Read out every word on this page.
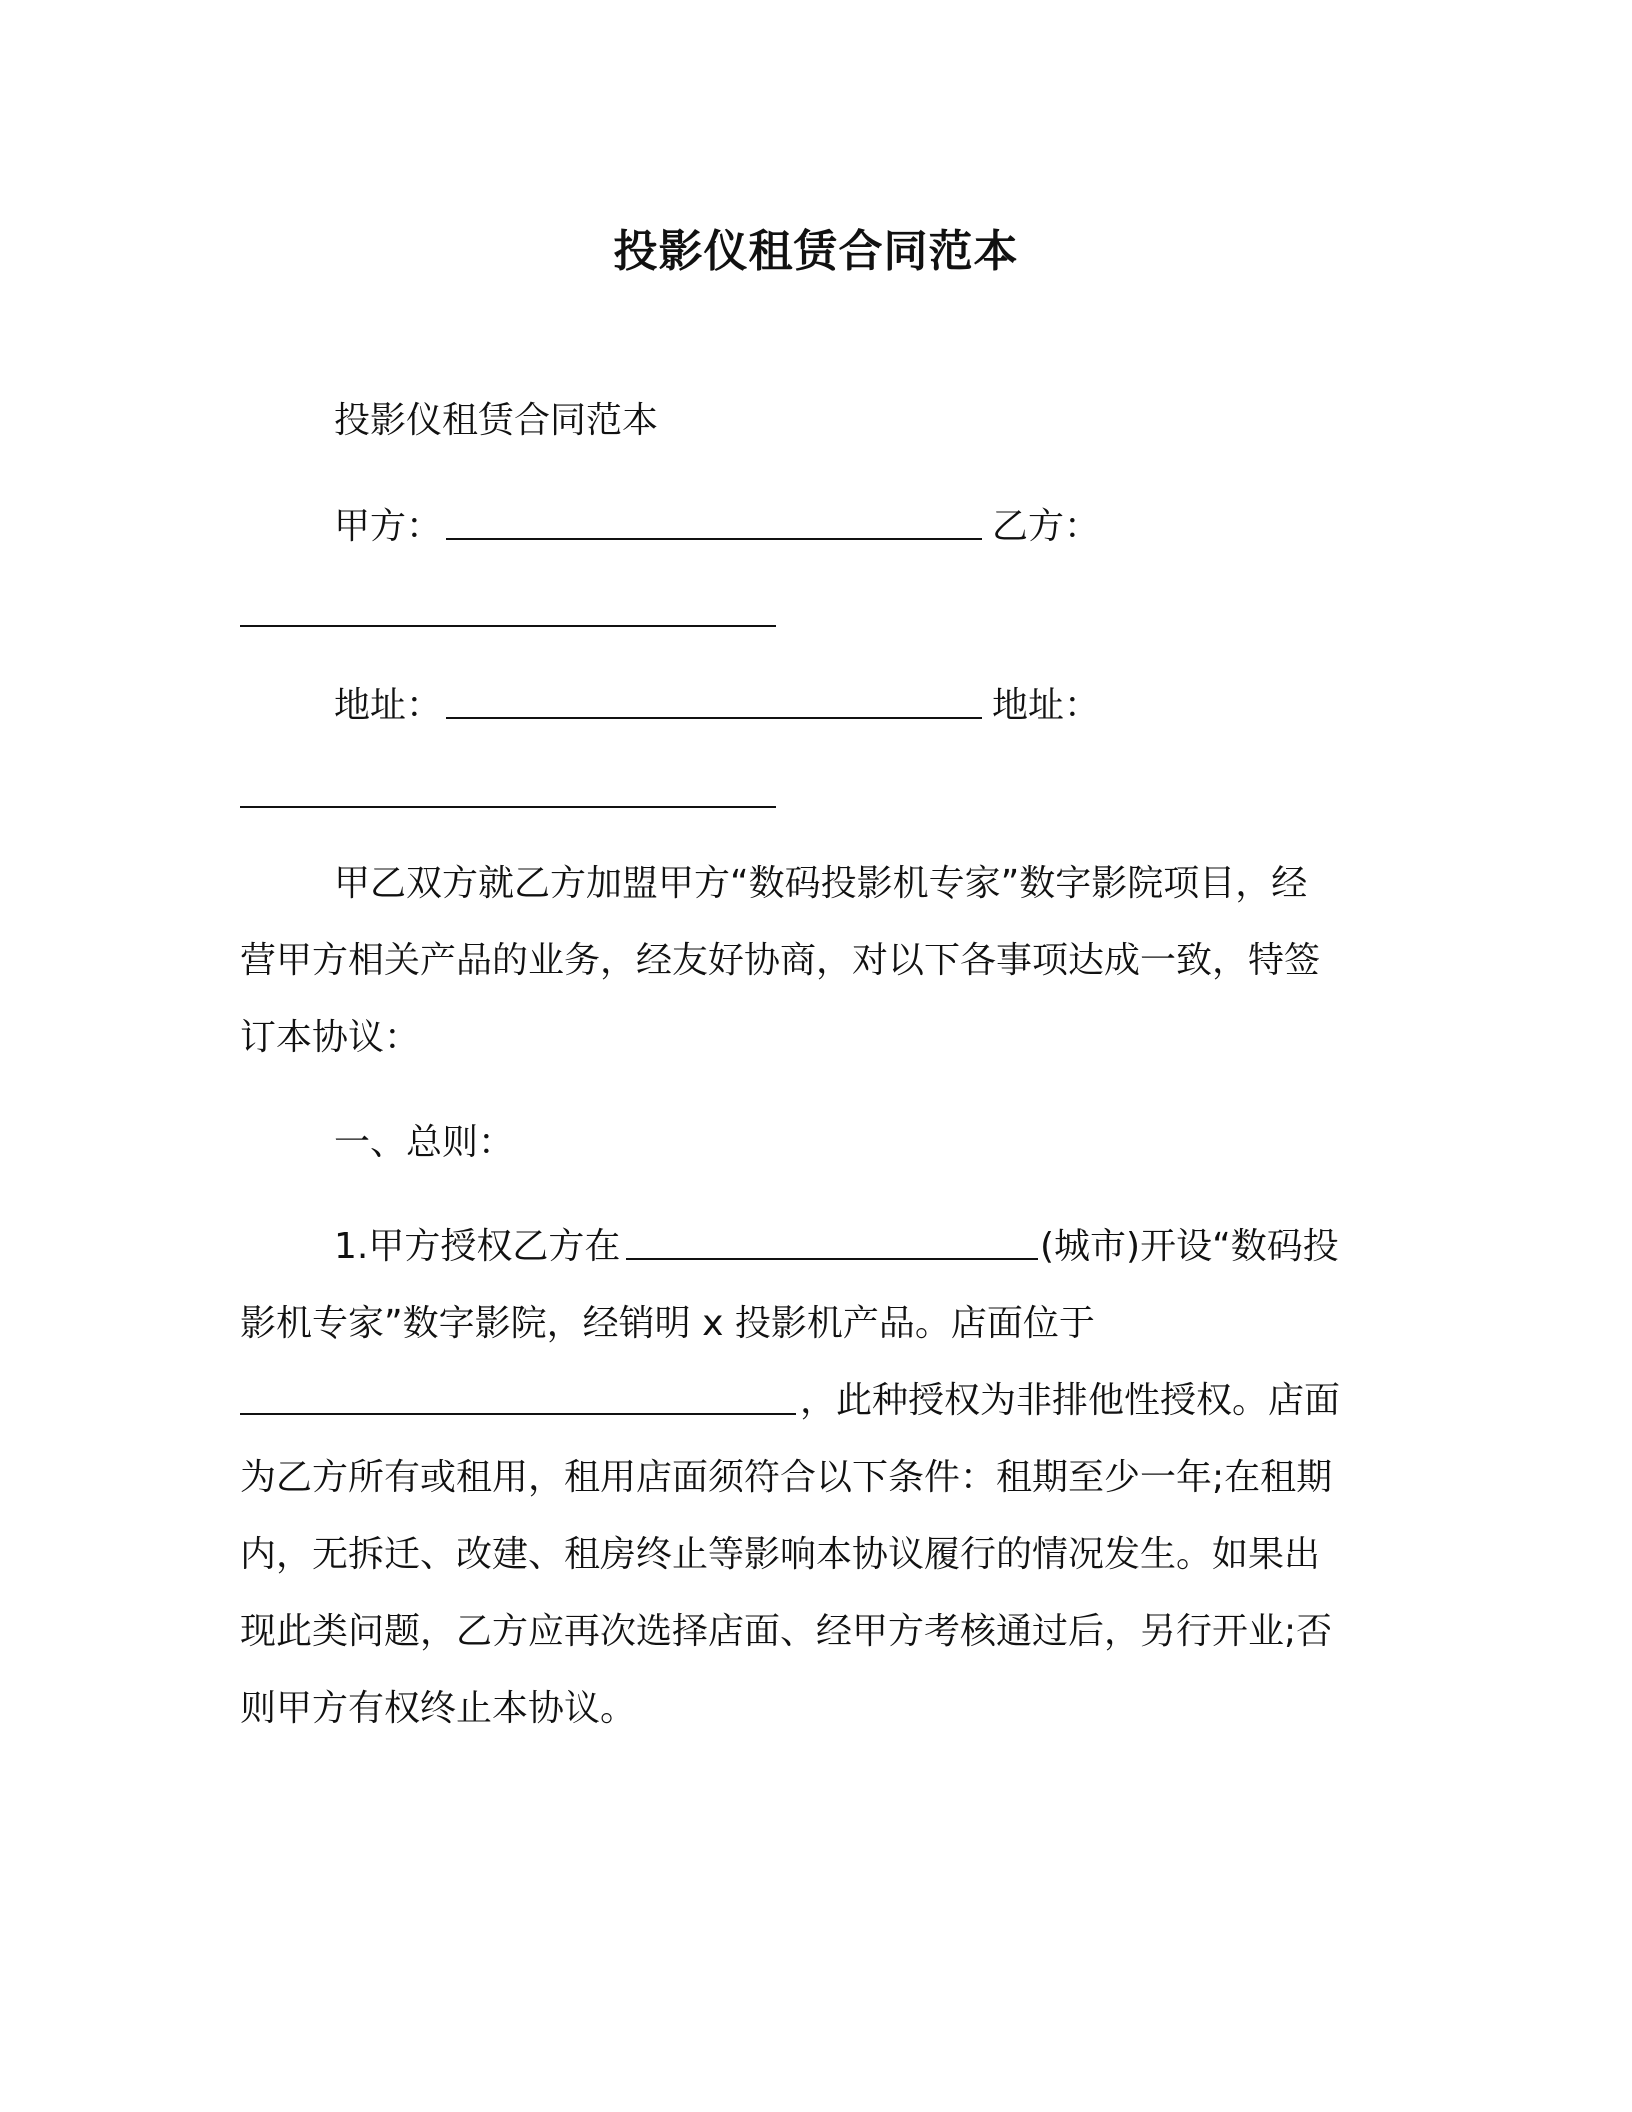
投影仪租赁合同范本
投影仪租赁合同范本
甲方：	乙方：
地址：	地址：
甲乙双方就乙方加盟甲方“数码投影机专家”数字影院项目，经
营甲方相关产品的业务，经友好协商，对以下各事项达成一致，特签
订本协议：
一、总则：
1.甲方授权乙方在	(城市)开设“数码投
影机专家”数字影院，经销明 x 投影机产品。店面位于
，此种授权为非排他性授权。店面
为乙方所有或租用，租用店面须符合以下条件：租期至少一年;在租期
内，无拆迁、改建、租房终止等影响本协议履行的情况发生。如果出
现此类问题，乙方应再次选择店面、经甲方考核通过后，另行开业;否
则甲方有权终止本协议。
